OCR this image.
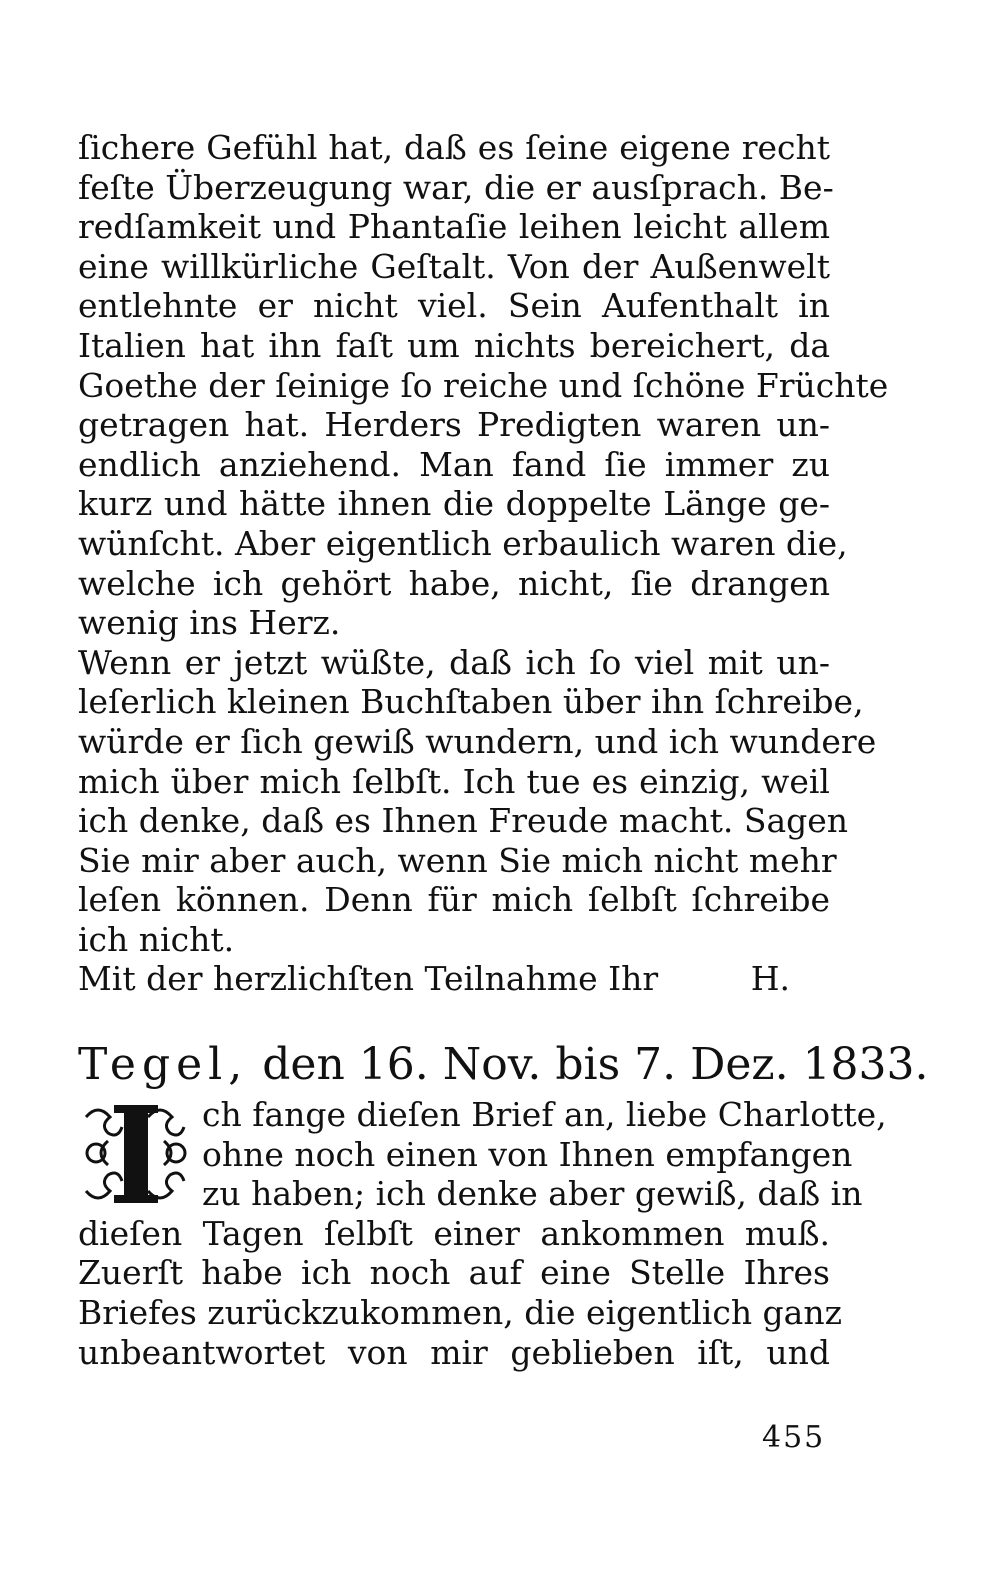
ſichere Gefühl hat, daß es ſeine eigene recht
feſte Überzeugung war, die er ausſprach. Be-
redſamkeit und Phantaſie leihen leicht allem
eine willkürliche Geſtalt. Von der Außenwelt
entlehnte er nicht viel. Sein Aufenthalt in
Italien hat ihn faſt um nichts bereichert, da
Goethe der ſeinige ſo reiche und ſchöne Früchte
getragen hat. Herders Predigten waren un-
endlich anziehend. Man fand ſie immer zu
kurz und hätte ihnen die doppelte Länge ge-
wünſcht. Aber eigentlich erbaulich waren die,
welche ich gehört habe, nicht, ſie drangen
wenig ins Herz.
Wenn er jetzt wüßte, daß ich ſo viel mit un-
leſerlich kleinen Buchſtaben über ihn ſchreibe,
würde er ſich gewiß wundern, und ich wundere
mich über mich ſelbſt. Ich tue es einzig, weil
ich denke, daß es Ihnen Freude macht. Sagen
Sie mir aber auch, wenn Sie mich nicht mehr
leſen können. Denn für mich ſelbſt ſchreibe
ich nicht.
Mit der herzlichſten Teilnahme Ihr	H.
Tegel, den 16. Nov. bis 7. Dez. 1833.
ch fange dieſen Brief an, liebe Charlotte,
ohne noch einen von Ihnen empfangen
zu haben; ich denke aber gewiß, daß in
dieſen Tagen ſelbſt einer ankommen muß.
Zuerſt habe ich noch auf eine Stelle Ihres
Briefes zurückzukommen, die eigentlich ganz
unbeantwortet von mir geblieben iſt, und
455
